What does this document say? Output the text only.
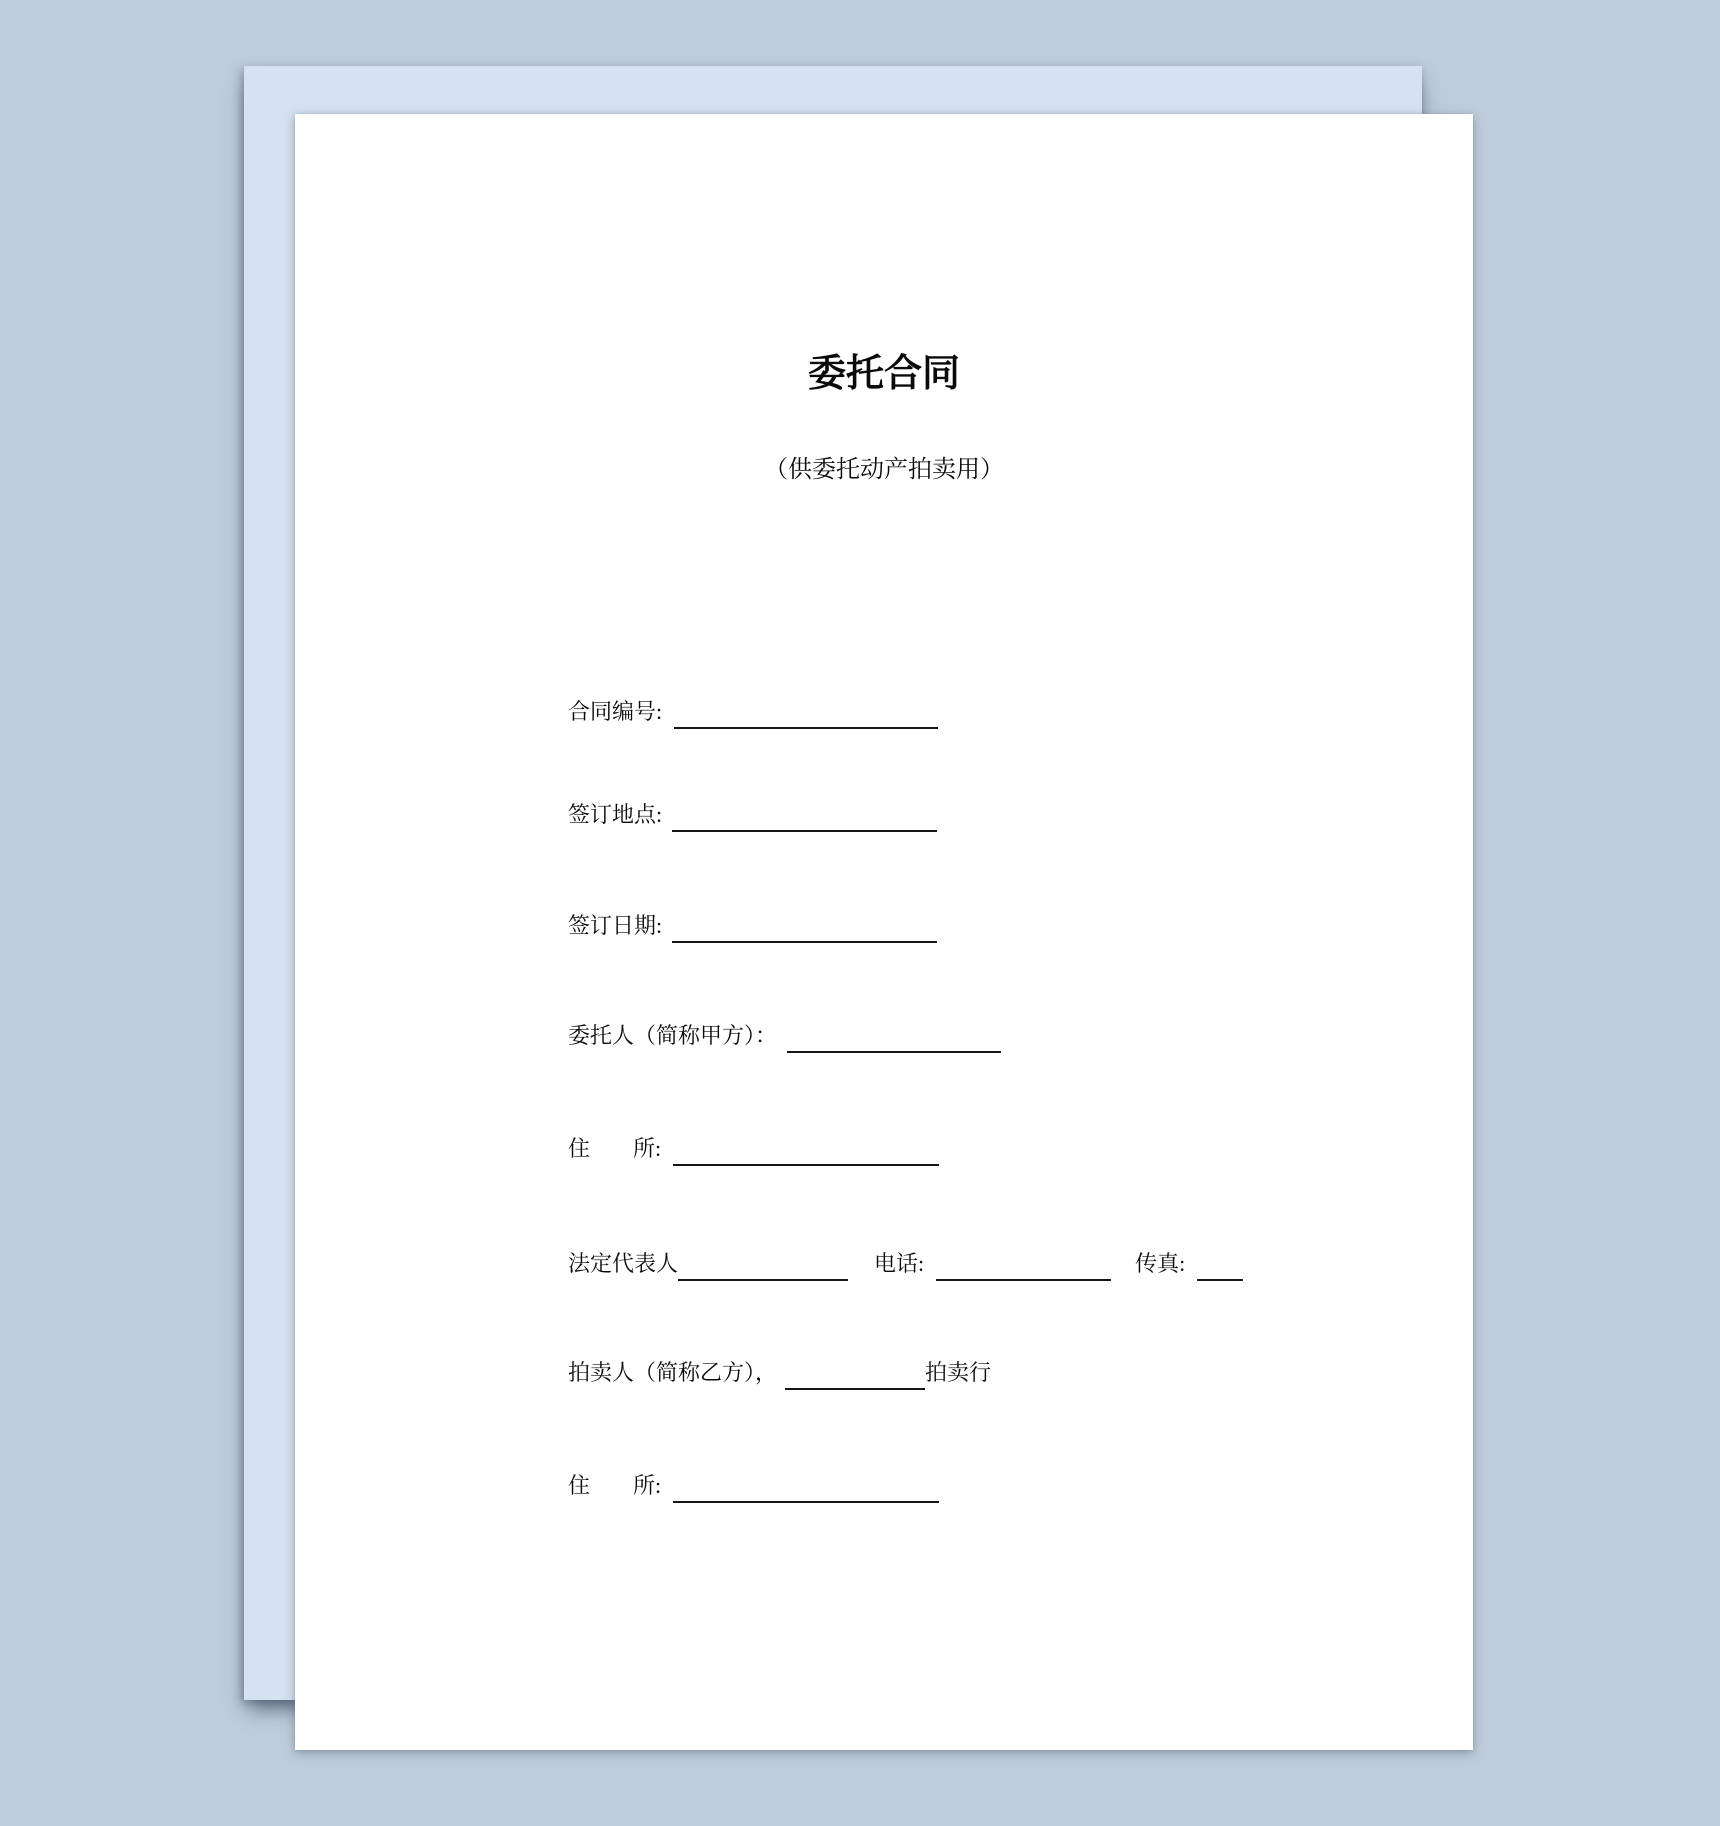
委托合同
（供委托动产拍卖用）
合同编号:
签订地点:
签订日期:
委托人（简称甲方）：
住 所:
法定代表人	电话:	传真:
拍卖人（简称乙方），	拍卖行
住 所:
